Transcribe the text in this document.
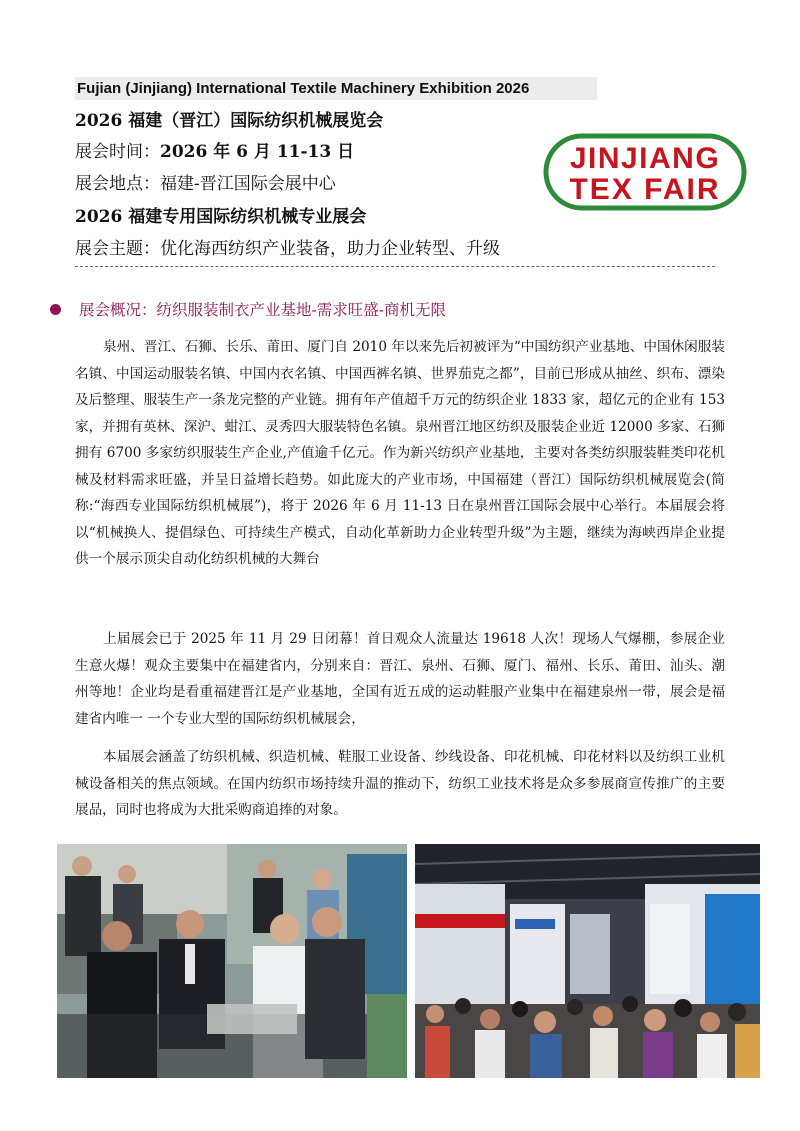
Fujian (Jinjiang) International Textile Machinery Exhibition 2026
2026 福建（晋江）国际纺织机械展览会
展会时间：2026 年 6 月 11-13 日
展会地点：福建-晋江国际会展中心
2026 福建专用国际纺织机械专业展会
展会主题：优化海西纺织产业装备，助力企业转型、升级
JINJIANG
TEX FAIR
展会概况：纺织服装制衣产业基地-需求旺盛-商机无限
泉州、晋江、石狮、长乐、莆田、厦门自 2010 年以来先后初被评为“中国纺织产业基地、中国休闲服装名镇、中国运动服装名镇、中国内衣名镇、中国西裤名镇、世界茄克之都”，目前已形成从抽丝、织布、漂染及后整理、服装生产一条龙完整的产业链。拥有年产值超千万元的纺织企业 1833 家，超亿元的企业有 153 家，并拥有英林、深沪、蚶江、灵秀四大服装特色名镇。泉州晋江地区纺织及服装企业近 12000 多家、石狮拥有 6700 多家纺织服装生产企业,产值逾千亿元。作为新兴纺织产业基地，主要对各类纺织服装鞋类印花机械及材料需求旺盛，并呈日益增长趋势。如此庞大的产业市场，中国福建（晋江）国际纺织机械展览会(简称:“海西专业国际纺织机械展”)，将于 2026 年 6 月 11-13 日在泉州晋江国际会展中心举行。本届展会将以“机械换人、提倡绿色、可持续生产模式，自动化革新助力企业转型升级”为主题，继续为海峡西岸企业提供一个展示顶尖自动化纺织机械的大舞台
上届展会已于 2025 年 11 月 29 日闭幕！首日观众人流量达 19618 人次！现场人气爆棚，参展企业生意火爆！观众主要集中在福建省内，分别来自：晋江、泉州、石狮、厦门、福州、长乐、莆田、汕头、潮州等地！企业均是看重福建晋江是产业基地，全国有近五成的运动鞋服产业集中在福建泉州一带，展会是福建省内唯一 一个专业大型的国际纺织机械展会，
本届展会涵盖了纺织机械、织造机械、鞋服工业设备、纱线设备、印花机械、印花材料以及纺织工业机械设备相关的焦点领域。在国内纺织市场持续升温的推动下，纺织工业技术将是众多参展商宣传推广的主要展品，同时也将成为大批采购商追捧的对象。
